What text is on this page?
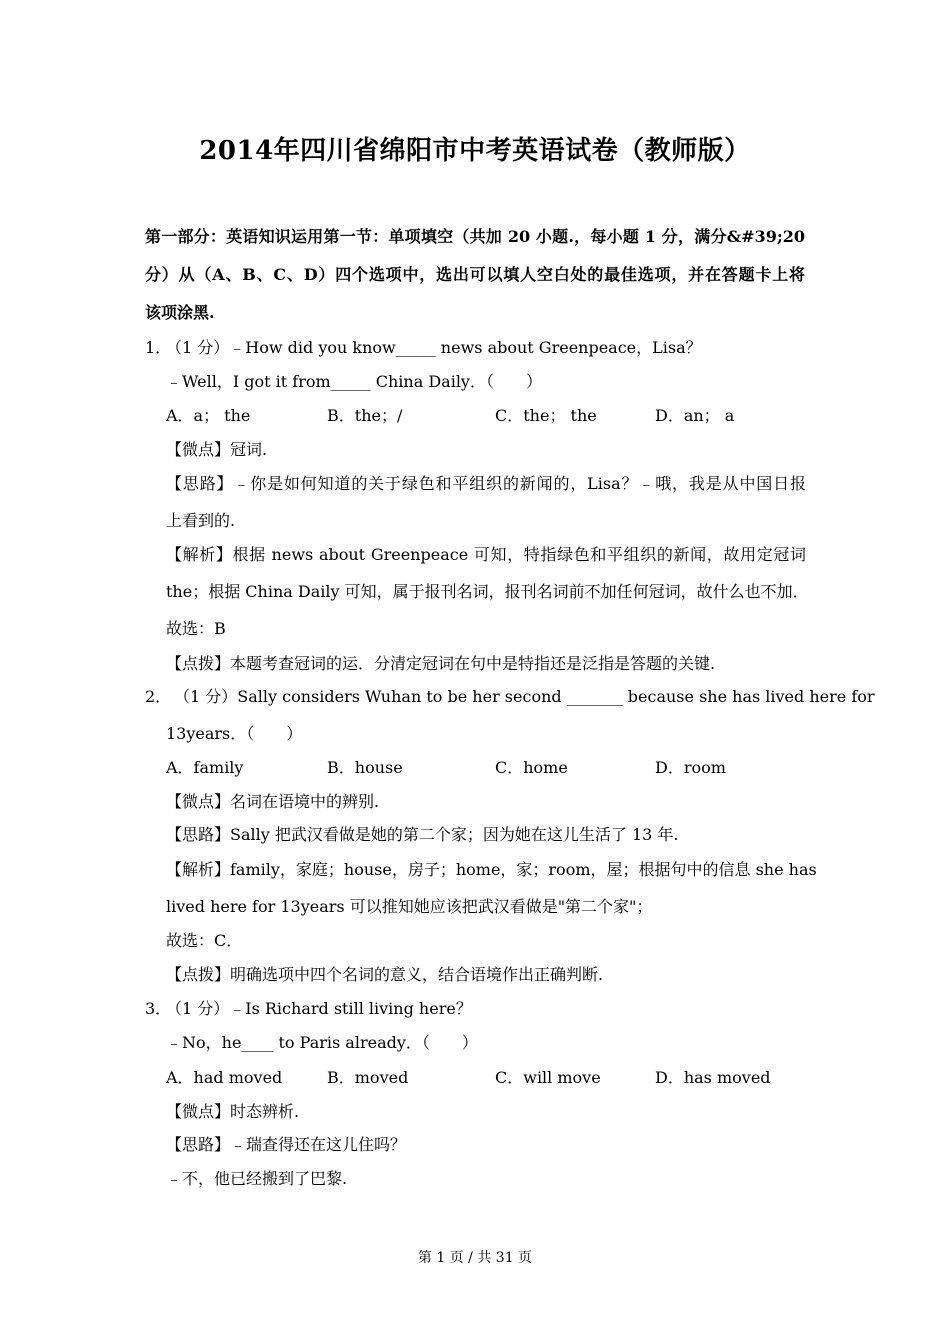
2014年四川省绵阳市中考英语试卷（教师版）
第一部分：英语知识运用第一节：单项填空（共加 20 小题.，每小题 1 分，满分&#39;20
分）从（A、B、C、D）四个选项中，选出可以填人空白处的最佳选项，并在答题卡上将
该项涂黑.
1．
（1 分）﹣How did you know_____ news about Greenpeace，Lisa？
﹣Well，I got it from_____ China Daily．（　　）
A．a； the	B．the；/	C．the； the	D．an； a
【微点】冠词.
【思路】﹣你是如何知道的关于绿色和平组织的新闻的，Lisa？﹣哦，我是从中国日报
上看到的.
【解析】根据 news about Greenpeace 可知，特指绿色和平组织的新闻，故用定冠词
the；根据 China Daily 可知，属于报刊名词，报刊名词前不加任何冠词，故什么也不加．
故选：B
【点拨】本题考查冠词的运．分清定冠词在句中是特指还是泛指是答题的关键.
2． （1 分）Sally considers Wuhan to be her second _______ because she has lived here for
13years．（　　）
A．family	B．house	C．home	D．room
【微点】名词在语境中的辨别.
【思路】Sally 把武汉看做是她的第二个家；因为她在这儿生活了 13 年.
【解析】family，家庭；house，房子；home，家；room，屋；根据句中的信息 she has
lived here for 13years 可以推知她应该把武汉看做是"第二个家"；
故选：C．
【点拨】明确选项中四个名词的意义，结合语境作出正确判断.
3．
（1 分）﹣Is Richard still living here？
﹣No，he____ to Paris already．（　　）
A．had moved	B．moved	C．will move	D．has moved
【微点】时态辨析.
【思路】﹣瑞查得还在这儿住吗？
﹣不，他已经搬到了巴黎.
第 1 页 / 共 31 页
